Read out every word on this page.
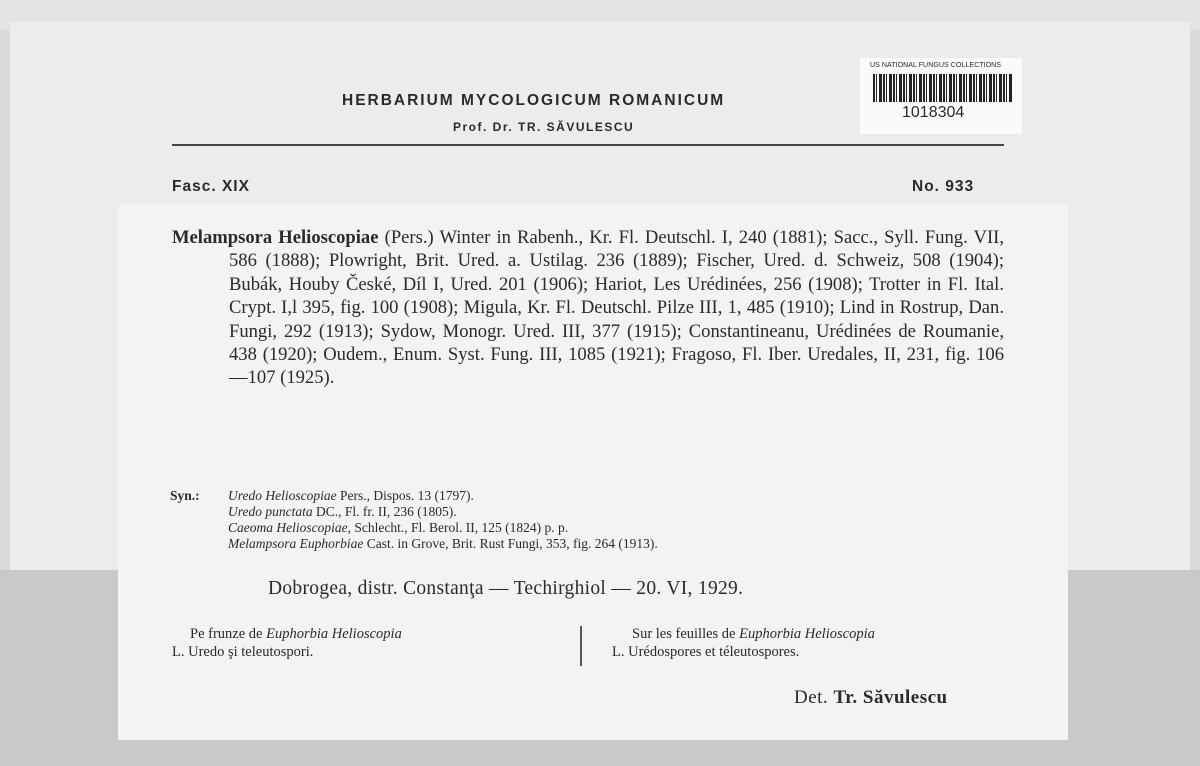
HERBARIUM MYCOLOGICUM ROMANICUM
Prof. Dr. TR. SĂVULESCU
US NATIONAL FUNGUS COLLECTIONS
1018304
Fasc. XIX	No. 933

Melampsora Helioscopiae (Pers.) Winter in Rabenh., Kr. Fl. Deutschl. I, 240 (1881); Sacc., Syll. Fung. VII, 586 (1888); Plowright, Brit. Ured. a. Ustilag. 236 (1889); Fischer, Ured. d. Schweiz, 508 (1904); Bubák, Houby České, Díl I, Ured. 201 (1906); Hariot, Les Urédinées, 256 (1908); Trotter in Fl. Ital. Crypt. I,l 395, fig. 100 (1908); Migula, Kr. Fl. Deutschl. Pilze III, 1, 485 (1910); Lind in Rostrup, Dan. Fungi, 292 (1913); Sydow, Monogr. Ured. III, 377 (1915); Constantineanu, Urédinées de Roumanie, 438 (1920); Oudem., Enum. Syst. Fung. III, 1085 (1921); Fragoso, Fl. Iber. Uredales, II, 231, fig. 106—107 (1925).

Syn.:	Uredo Helioscopiae Pers., Dispos. 13 (1797).
Uredo punctata DC., Fl. fr. II, 236 (1805).
Caeoma Helioscopiae, Schlecht., Fl. Berol. II, 125 (1824) p. p.
Melampsora Euphorbiae Cast. in Grove, Brit. Rust Fungi, 353, fig. 264 (1913).
Dobrogea, distr. Constanţa — Techirghiol — 20. VI, 1929.
Pe frunze de Euphorbia Helioscopia
L. Uredo şi teleutospori.
Sur les feuilles de Euphorbia Helioscopia
L. Urédospores et téleutospores.
Det. Tr. Săvulescu
